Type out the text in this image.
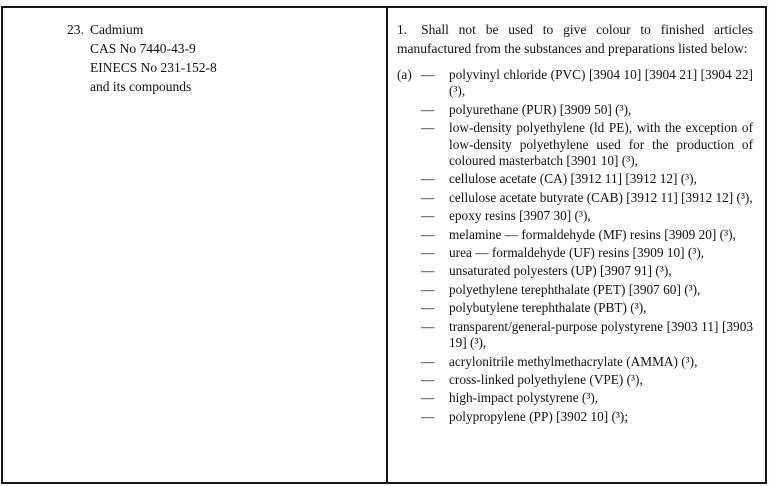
23. Cadmium
CAS No 7440-43-9
EINECS No 231-152-8
and its compounds
1. Shall not be used to give colour to finished articles manufactured from the substances and preparations listed below:
(a) —	polyvinyl chloride (PVC) [3904 10] [3904 21] [3904 22] (³),
—	polyurethane (PUR) [3909 50] (³),
—	low-density polyethylene (ld PE), with the exception of low-density polyethylene used for the production of coloured masterbatch [3901 10] (³),
—	cellulose acetate (CA) [3912 11] [3912 12] (³),
—	cellulose acetate butyrate (CAB) [3912 11] [3912 12] (³),
—	epoxy resins [3907 30] (³),
—	melamine — formaldehyde (MF) resins [3909 20] (³),
—	urea — formaldehyde (UF) resins [3909 10] (³),
—	unsaturated polyesters (UP) [3907 91] (³),
—	polyethylene terephthalate (PET) [3907 60] (³),
—	polybutylene terephthalate (PBT) (³),
—	transparent/general-purpose polystyrene [3903 11] [3903 19] (³),
—	acrylonitrile methylmethacrylate (AMMA) (³),
—	cross-linked polyethylene (VPE) (³),
—	high-impact polystyrene (³),
—	polypropylene (PP) [3902 10] (³);
